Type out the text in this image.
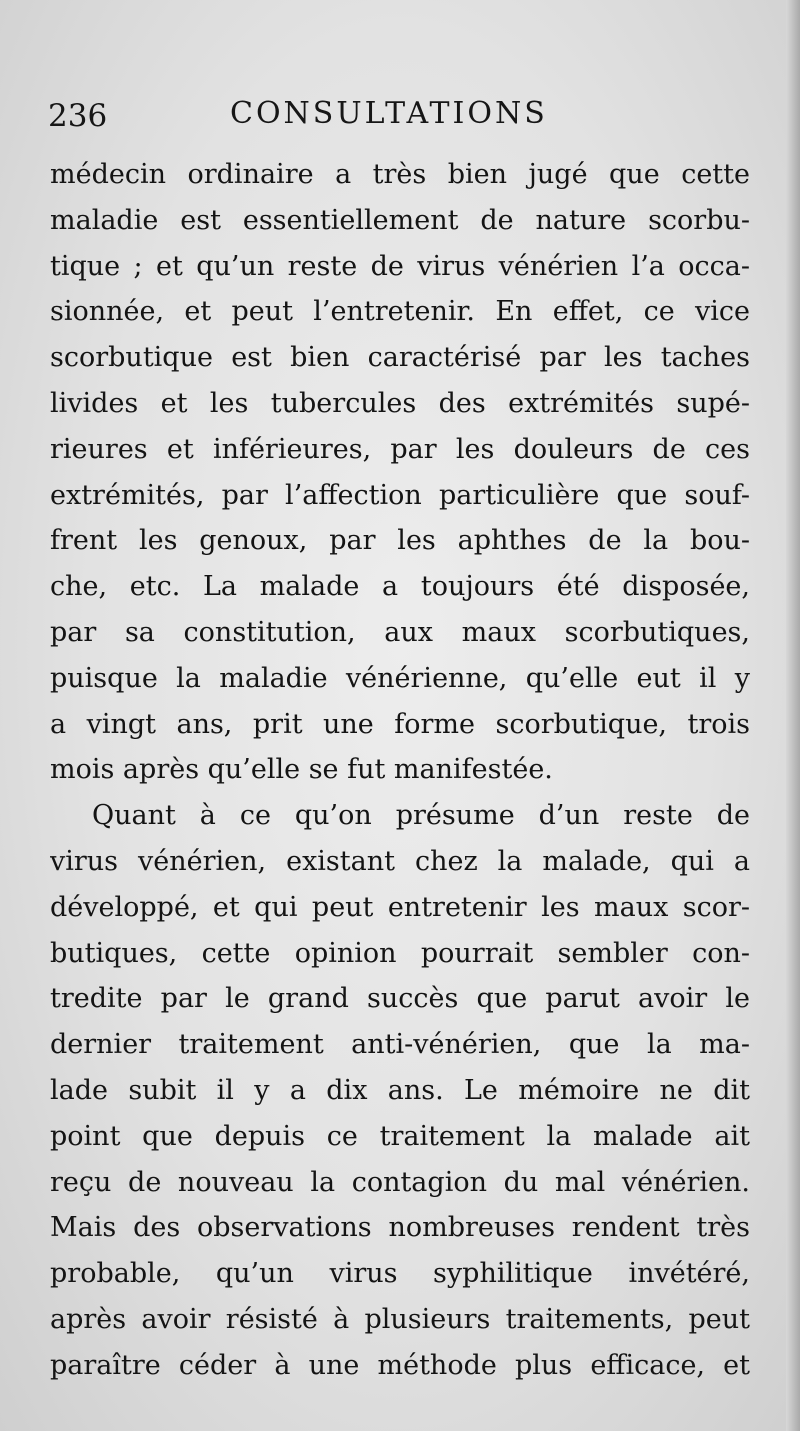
236	CONSULTATIONS
médecin ordinaire a très bien jugé que cette
maladie est essentiellement de nature scorbu-
tique ; et qu’un reste de virus vénérien l’a occa-
sionnée, et peut l’entretenir. En effet, ce vice
scorbutique est bien caractérisé par les taches
livides et les tubercules des extrémités supé-
rieures et inférieures, par les douleurs de ces
extrémités, par l’affection particulière que souf-
frent les genoux, par les aphthes de la bou-
che, etc. La malade a toujours été disposée,
par sa constitution, aux maux scorbutiques,
puisque la maladie vénérienne, qu’elle eut il y
a vingt ans, prit une forme scorbutique, trois
mois après qu’elle se fut manifestée.
Quant à ce qu’on présume d’un reste de
virus vénérien, existant chez la malade, qui a
développé, et qui peut entretenir les maux scor-
butiques, cette opinion pourrait sembler con-
tredite par le grand succès que parut avoir le
dernier traitement anti-vénérien, que la ma-
lade subit il y a dix ans. Le mémoire ne dit
point que depuis ce traitement la malade ait
reçu de nouveau la contagion du mal vénérien.
Mais des observations nombreuses rendent très
probable, qu’un virus syphilitique invétéré,
après avoir résisté à plusieurs traitements, peut
paraître céder à une méthode plus efficace, et
